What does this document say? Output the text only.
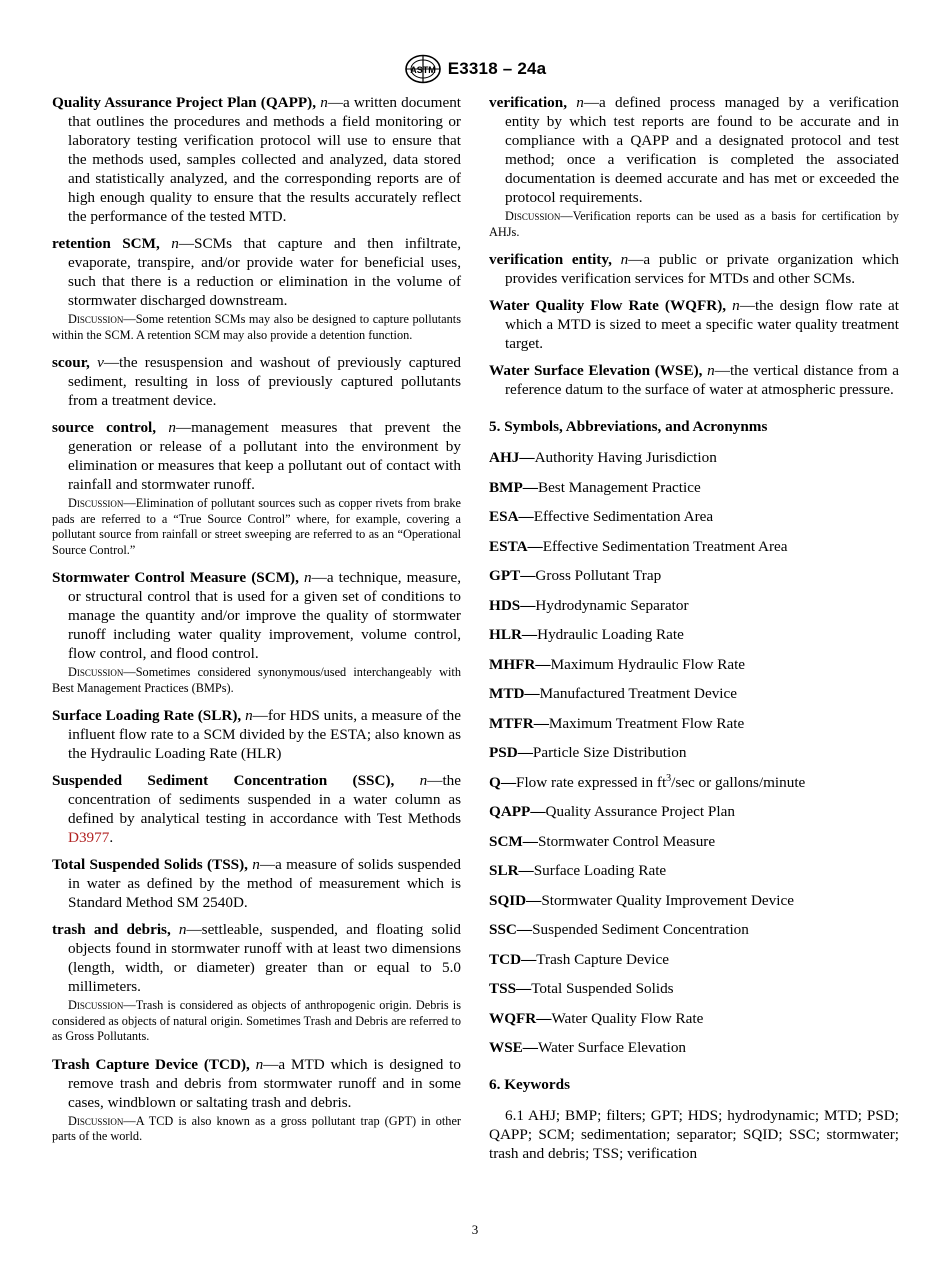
ASTM E3318 – 24a

Quality Assurance Project Plan (QAPP), n—a written document that outlines the procedures and methods a field monitoring or laboratory testing verification protocol will use to ensure that the methods used, samples collected and analyzed, data stored and statistically analyzed, and the corresponding reports are of high enough quality to ensure that the results accurately reflect the performance of the tested MTD.

retention SCM, n—SCMs that capture and then infiltrate, evaporate, transpire, and/or provide water for beneficial uses, such that there is a reduction or elimination in the volume of stormwater discharged downstream.

Discussion—Some retention SCMs may also be designed to capture pollutants within the SCM. A retention SCM may also provide a detention function.

scour, v—the resuspension and washout of previously captured sediment, resulting in loss of previously captured pollutants from a treatment device.

source control, n—management measures that prevent the generation or release of a pollutant into the environment by elimination or measures that keep a pollutant out of contact with rainfall and stormwater runoff.

Discussion—Elimination of pollutant sources such as copper rivets from brake pads are referred to a “True Source Control” where, for example, covering a pollutant source from rainfall or street sweeping are referred to as an “Operational Source Control.”

Stormwater Control Measure (SCM), n—a technique, measure, or structural control that is used for a given set of conditions to manage the quantity and/or improve the quality of stormwater runoff including water quality improvement, volume control, flow control, and flood control.

Discussion—Sometimes considered synonymous/used interchangeably with Best Management Practices (BMPs).

Surface Loading Rate (SLR), n—for HDS units, a measure of the influent flow rate to a SCM divided by the ESTA; also known as the Hydraulic Loading Rate (HLR)

Suspended Sediment Concentration (SSC), n—the concentration of sediments suspended in a water column as defined by analytical testing in accordance with Test Methods D3977.

Total Suspended Solids (TSS), n—a measure of solids suspended in water as defined by the method of measurement which is Standard Method SM 2540D.

trash and debris, n—settleable, suspended, and floating solid objects found in stormwater runoff with at least two dimensions (length, width, or diameter) greater than or equal to 5.0 millimeters.

Discussion—Trash is considered as objects of anthropogenic origin. Debris is considered as objects of natural origin. Sometimes Trash and Debris are referred to as Gross Pollutants.

Trash Capture Device (TCD), n—a MTD which is designed to remove trash and debris from stormwater runoff and in some cases, windblown or saltating trash and debris.

Discussion—A TCD is also known as a gross pollutant trap (GPT) in other parts of the world.

verification, n—a defined process managed by a verification entity by which test reports are found to be accurate and in compliance with a QAPP and a designated protocol and test method; once a verification is completed the associated documentation is deemed accurate and has met or exceeded the protocol requirements.

Discussion—Verification reports can be used as a basis for certification by AHJs.

verification entity, n—a public or private organization which provides verification services for MTDs and other SCMs.

Water Quality Flow Rate (WQFR), n—the design flow rate at which a MTD is sized to meet a specific water quality treatment target.

Water Surface Elevation (WSE), n—the vertical distance from a reference datum to the surface of water at atmospheric pressure.

5. Symbols, Abbreviations, and Acronynms
AHJ—Authority Having Jurisdiction
BMP—Best Management Practice
ESA—Effective Sedimentation Area
ESTA—Effective Sedimentation Treatment Area
GPT—Gross Pollutant Trap
HDS—Hydrodynamic Separator
HLR—Hydraulic Loading Rate
MHFR—Maximum Hydraulic Flow Rate
MTD—Manufactured Treatment Device
MTFR—Maximum Treatment Flow Rate
PSD—Particle Size Distribution
Q—Flow rate expressed in $ft^3/\sec$ or gallons/minute
QAPP—Quality Assurance Project Plan
SCM—Stormwater Control Measure
SLR—Surface Loading Rate
SQID—Stormwater Quality Improvement Device
SSC—Suspended Sediment Concentration
TCD—Trash Capture Device
TSS—Total Suspended Solids
WQFR—Water Quality Flow Rate
WSE—Water Surface Elevation
6. Keywords

6.1 AHJ; BMP; filters; GPT; HDS; hydrodynamic; MTD; PSD; QAPP; SCM; sedimentation; separator; SQID; SSC; stormwater; trash and debris; TSS; verification

3
